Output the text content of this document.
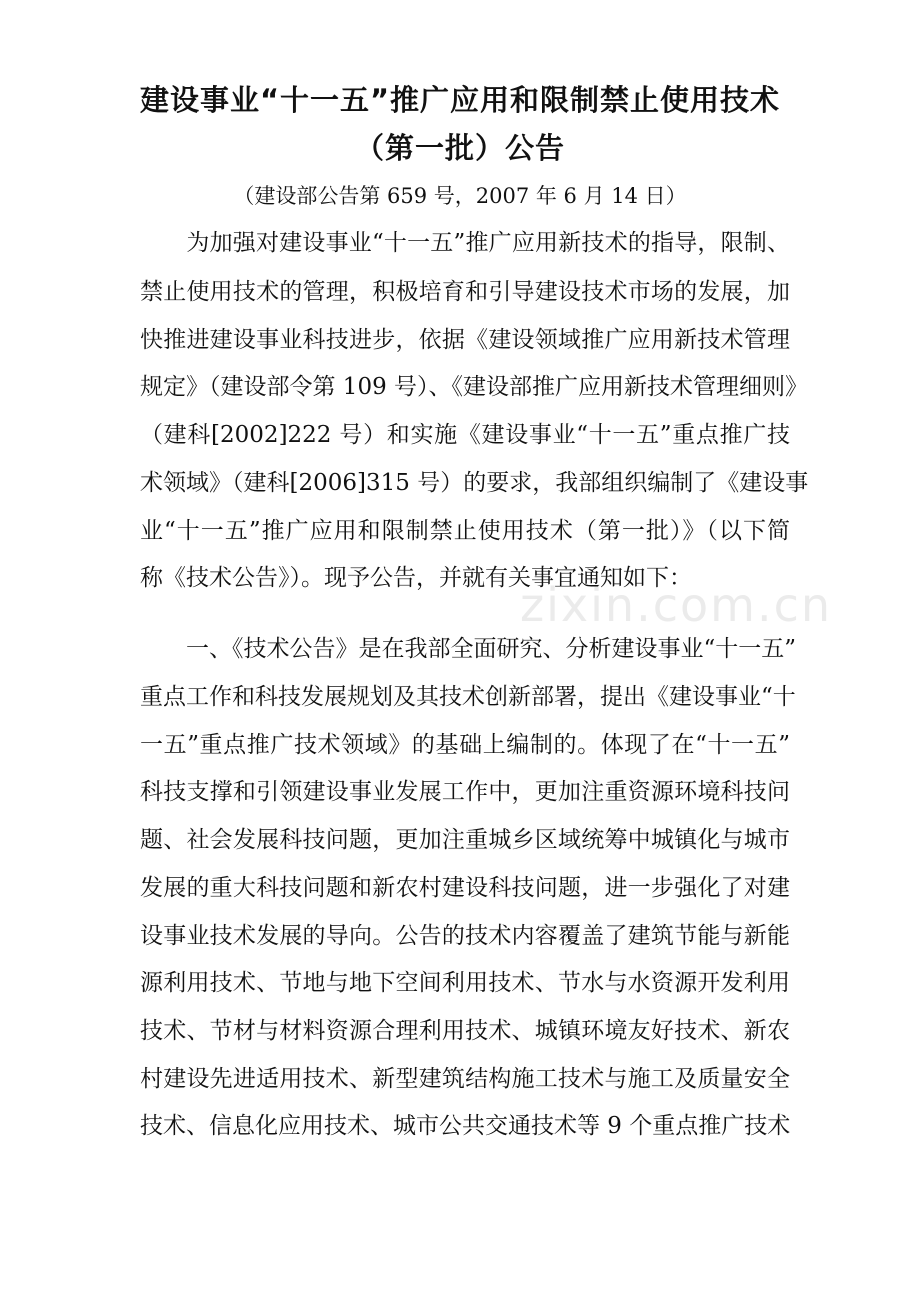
zixin.com.cn
建设事业“十一五”推广应用和限制禁止使用技术
（第一批）公告
（建设部公告第 659 号，2007 年 6 月 14 日）
　　为加强对建设事业“十一五”推广应用新技术的指导，限制、
禁止使用技术的管理，积极培育和引导建设技术市场的发展，加
快推进建设事业科技进步，依据《建设领域推广应用新技术管理
规定》（建设部令第 109 号）、《建设部推广应用新技术管理细则》
（建科[2002]222 号）和实施《建设事业“十一五”重点推广技
术领域》（建科[2006]315 号）的要求，我部组织编制了《建设事
业“十一五”推广应用和限制禁止使用技术（第一批）》（以下简
称《技术公告》）。现予公告，并就有关事宜通知如下：
　　一、《技术公告》是在我部全面研究、分析建设事业“十一五”
重点工作和科技发展规划及其技术创新部署，提出《建设事业“十
一五”重点推广技术领域》的基础上编制的。体现了在“十一五”
科技支撑和引领建设事业发展工作中，更加注重资源环境科技问
题、社会发展科技问题，更加注重城乡区域统筹中城镇化与城市
发展的重大科技问题和新农村建设科技问题，进一步强化了对建
设事业技术发展的导向。公告的技术内容覆盖了建筑节能与新能
源利用技术、节地与地下空间利用技术、节水与水资源开发利用
技术、节材与材料资源合理利用技术、城镇环境友好技术、新农
村建设先进适用技术、新型建筑结构施工技术与施工及质量安全
技术、信息化应用技术、城市公共交通技术等 9 个重点推广技术
